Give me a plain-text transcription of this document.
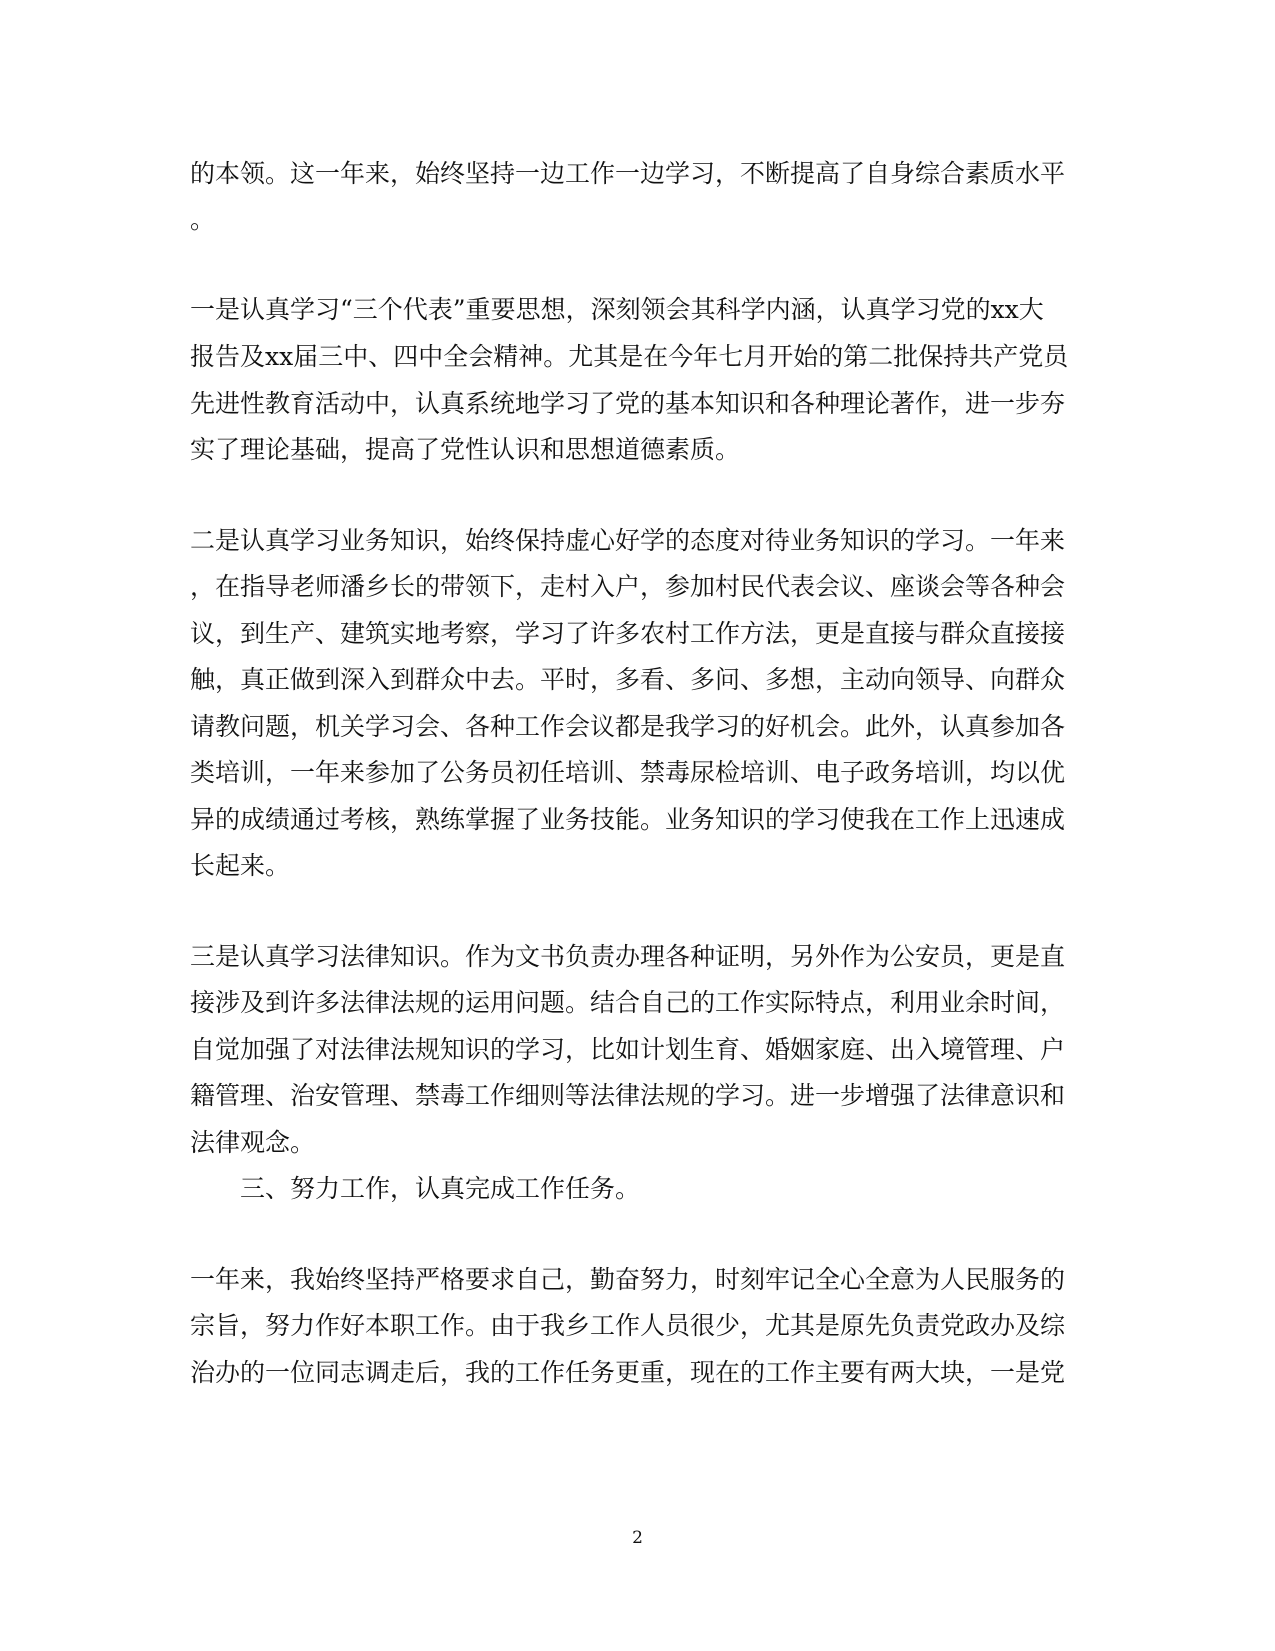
的本领。这一年来，始终坚持一边工作一边学习，不断提高了自身综合素质水平
。
一是认真学习“三个代表”重要思想，深刻领会其科学内涵，认真学习党的xx大
报告及xx届三中、四中全会精神。尤其是在今年七月开始的第二批保持共产党员
先进性教育活动中，认真系统地学习了党的基本知识和各种理论著作，进一步夯
实了理论基础，提高了党性认识和思想道德素质。
二是认真学习业务知识，始终保持虚心好学的态度对待业务知识的学习。一年来
，在指导老师潘乡长的带领下，走村入户，参加村民代表会议、座谈会等各种会
议，到生产、建筑实地考察，学习了许多农村工作方法，更是直接与群众直接接
触，真正做到深入到群众中去。平时，多看、多问、多想，主动向领导、向群众
请教问题，机关学习会、各种工作会议都是我学习的好机会。此外，认真参加各
类培训，一年来参加了公务员初任培训、禁毒尿检培训、电子政务培训，均以优
异的成绩通过考核，熟练掌握了业务技能。业务知识的学习使我在工作上迅速成
长起来。
三是认真学习法律知识。作为文书负责办理各种证明，另外作为公安员，更是直
接涉及到许多法律法规的运用问题。结合自己的工作实际特点，利用业余时间，
自觉加强了对法律法规知识的学习，比如计划生育、婚姻家庭、出入境管理、户
籍管理、治安管理、禁毒工作细则等法律法规的学习。进一步增强了法律意识和
法律观念。
三、努力工作，认真完成工作任务。
一年来，我始终坚持严格要求自己，勤奋努力，时刻牢记全心全意为人民服务的
宗旨，努力作好本职工作。由于我乡工作人员很少，尤其是原先负责党政办及综
治办的一位同志调走后，我的工作任务更重，现在的工作主要有两大块，一是党
2
